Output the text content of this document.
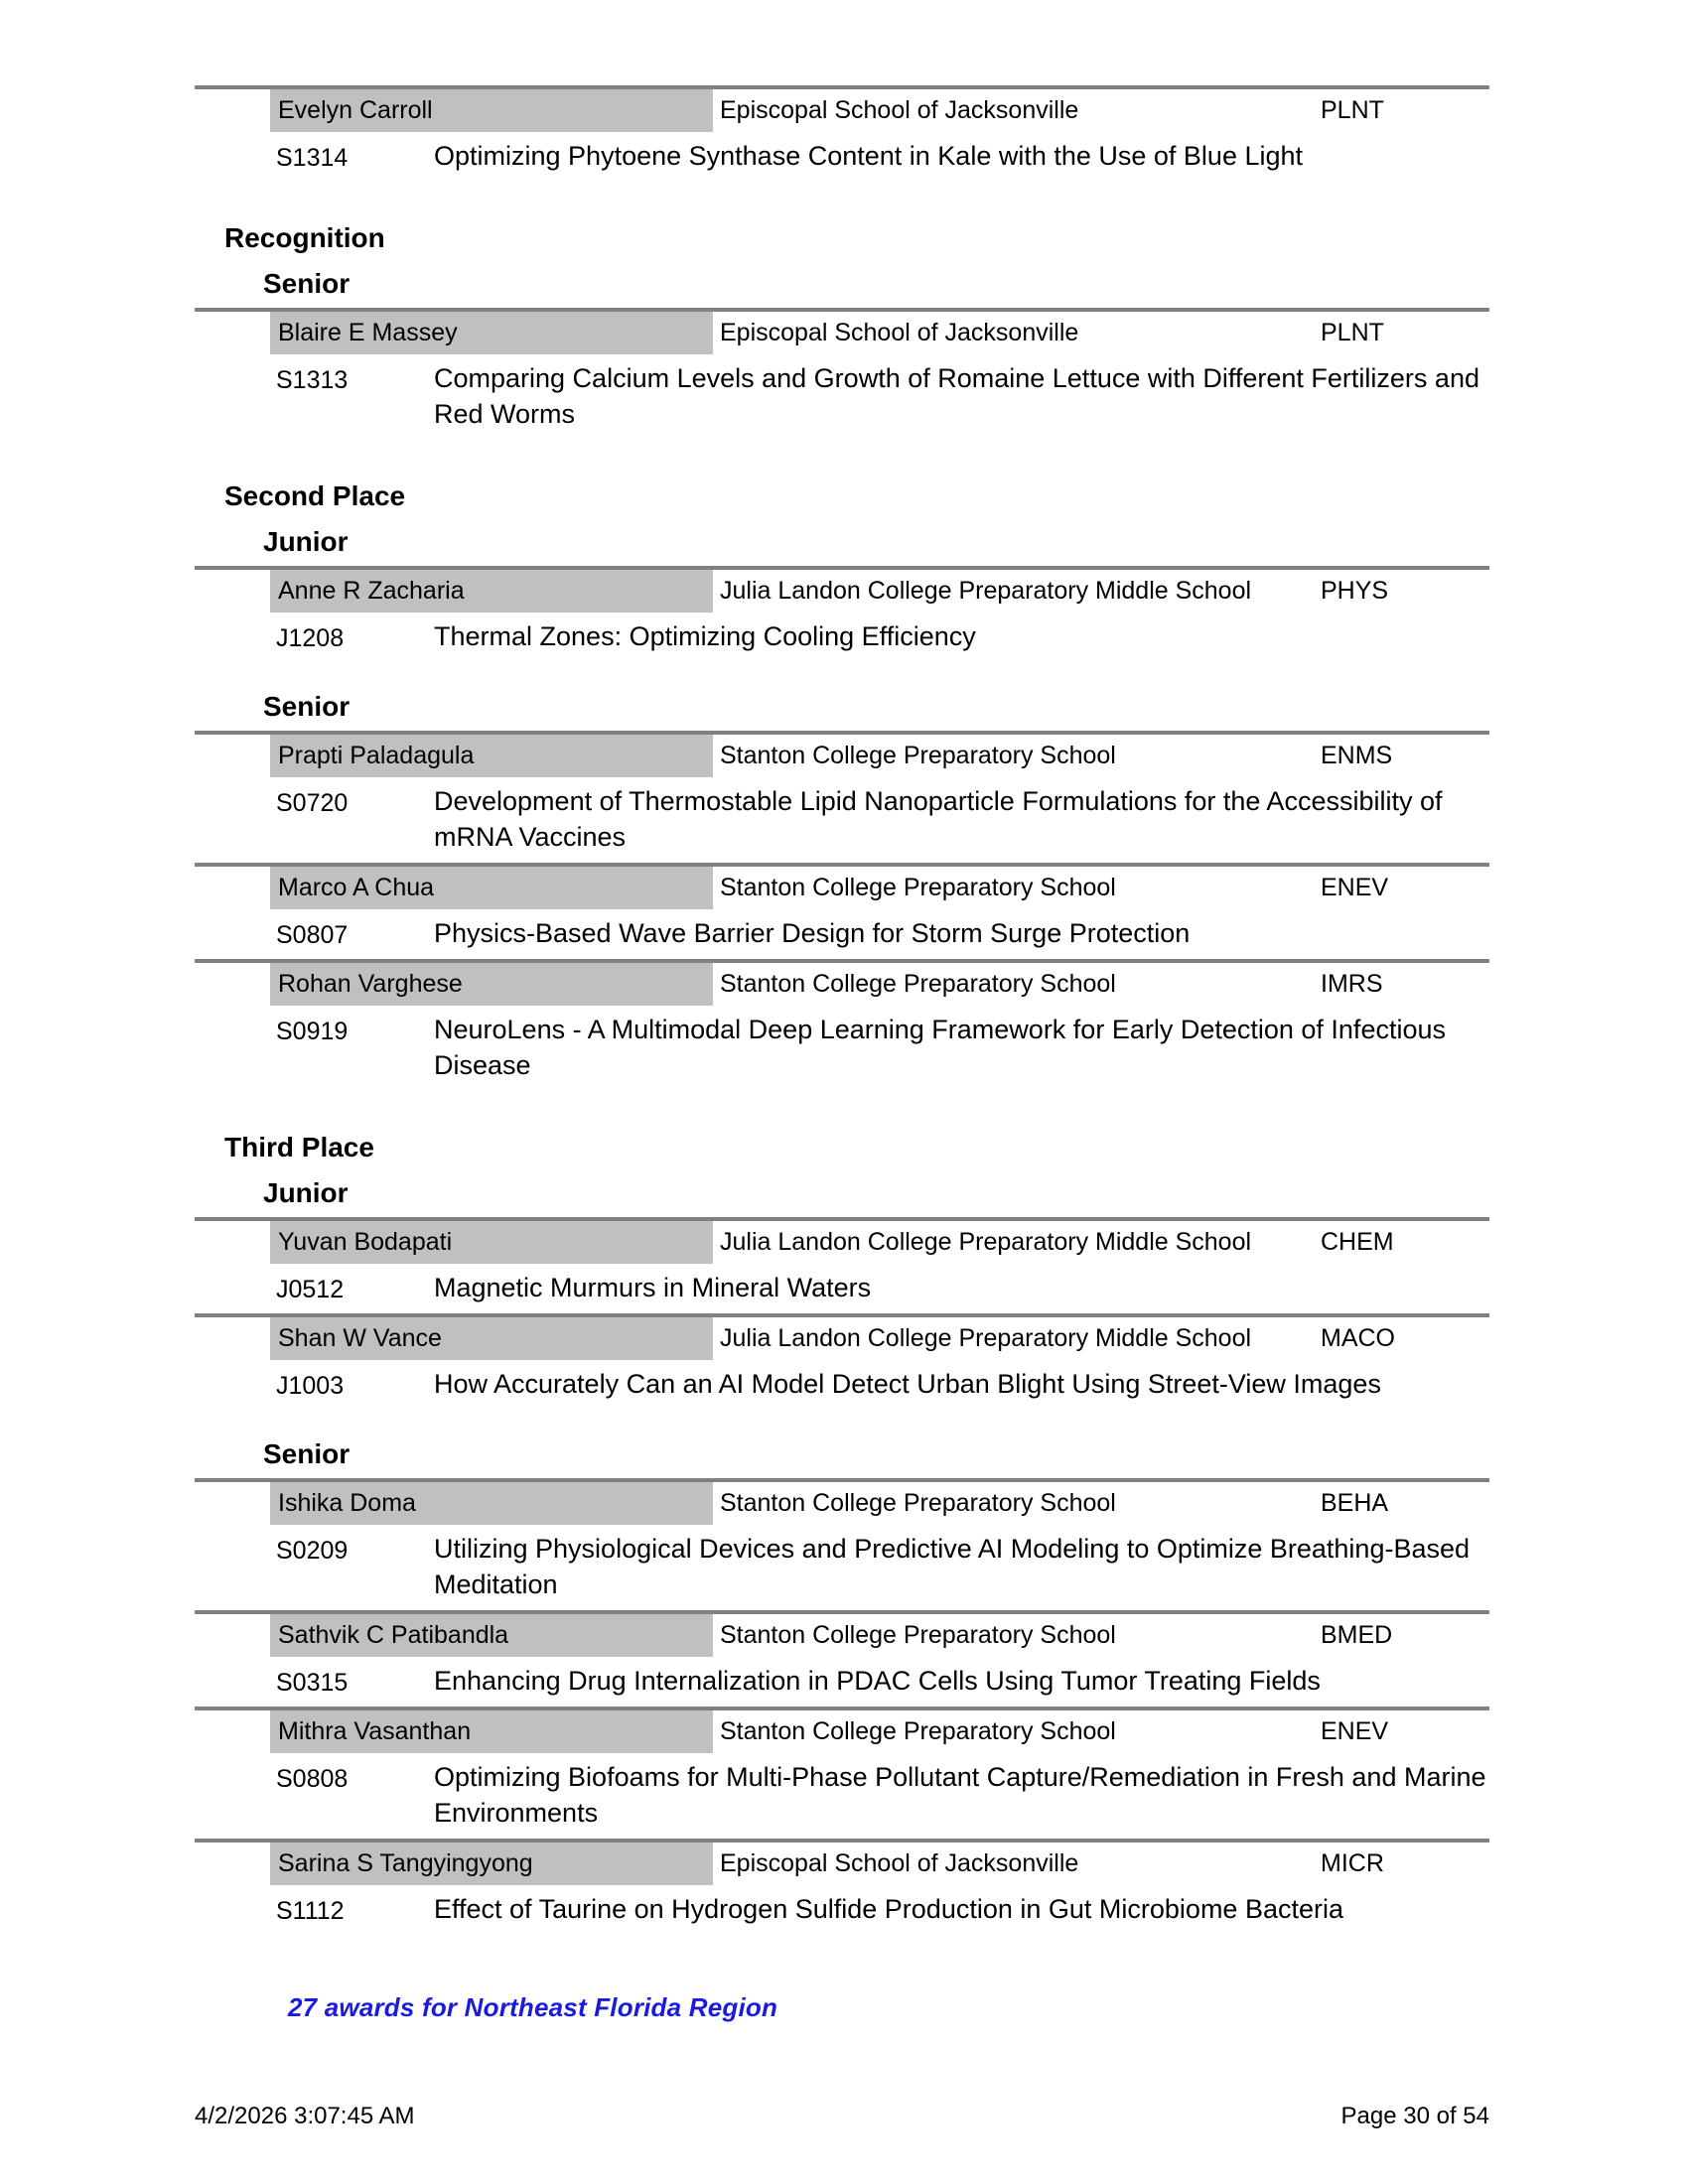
Evelyn Carroll	Episcopal School of Jacksonville	PLNT
S1314	Optimizing Phytoene Synthase Content in Kale with the Use of Blue Light
Recognition
Senior
Blaire E Massey	Episcopal School of Jacksonville	PLNT
S1313	Comparing Calcium Levels and Growth of Romaine Lettuce with Different Fertilizers and Red Worms
Second Place
Junior
Anne R Zacharia	Julia Landon College Preparatory Middle School	PHYS
J1208	Thermal Zones: Optimizing Cooling Efficiency
Senior
Prapti Paladagula	Stanton College Preparatory School	ENMS
S0720	Development of Thermostable Lipid Nanoparticle Formulations for the Accessibility of mRNA Vaccines
Marco A Chua	Stanton College Preparatory School	ENEV
S0807	Physics-Based Wave Barrier Design for Storm Surge Protection
Rohan Varghese	Stanton College Preparatory School	IMRS
S0919	NeuroLens - A Multimodal Deep Learning Framework for Early Detection of Infectious Disease
Third Place
Junior
Yuvan Bodapati	Julia Landon College Preparatory Middle School	CHEM
J0512	Magnetic Murmurs in Mineral Waters
Shan W Vance	Julia Landon College Preparatory Middle School	MACO
J1003	How Accurately Can an AI Model Detect Urban Blight Using Street-View Images
Senior
Ishika Doma	Stanton College Preparatory School	BEHA
S0209	Utilizing Physiological Devices and Predictive AI Modeling to Optimize Breathing-Based Meditation
Sathvik C Patibandla	Stanton College Preparatory School	BMED
S0315	Enhancing Drug Internalization in PDAC Cells Using Tumor Treating Fields
Mithra Vasanthan	Stanton College Preparatory School	ENEV
S0808	Optimizing Biofoams for Multi-Phase Pollutant Capture/Remediation in Fresh and Marine Environments
Sarina S Tangyingyong	Episcopal School of Jacksonville	MICR
S1112	Effect of Taurine on Hydrogen Sulfide Production in Gut Microbiome Bacteria
27 awards for Northeast Florida Region
4/2/2026 3:07:45 AM	Page 30 of 54
